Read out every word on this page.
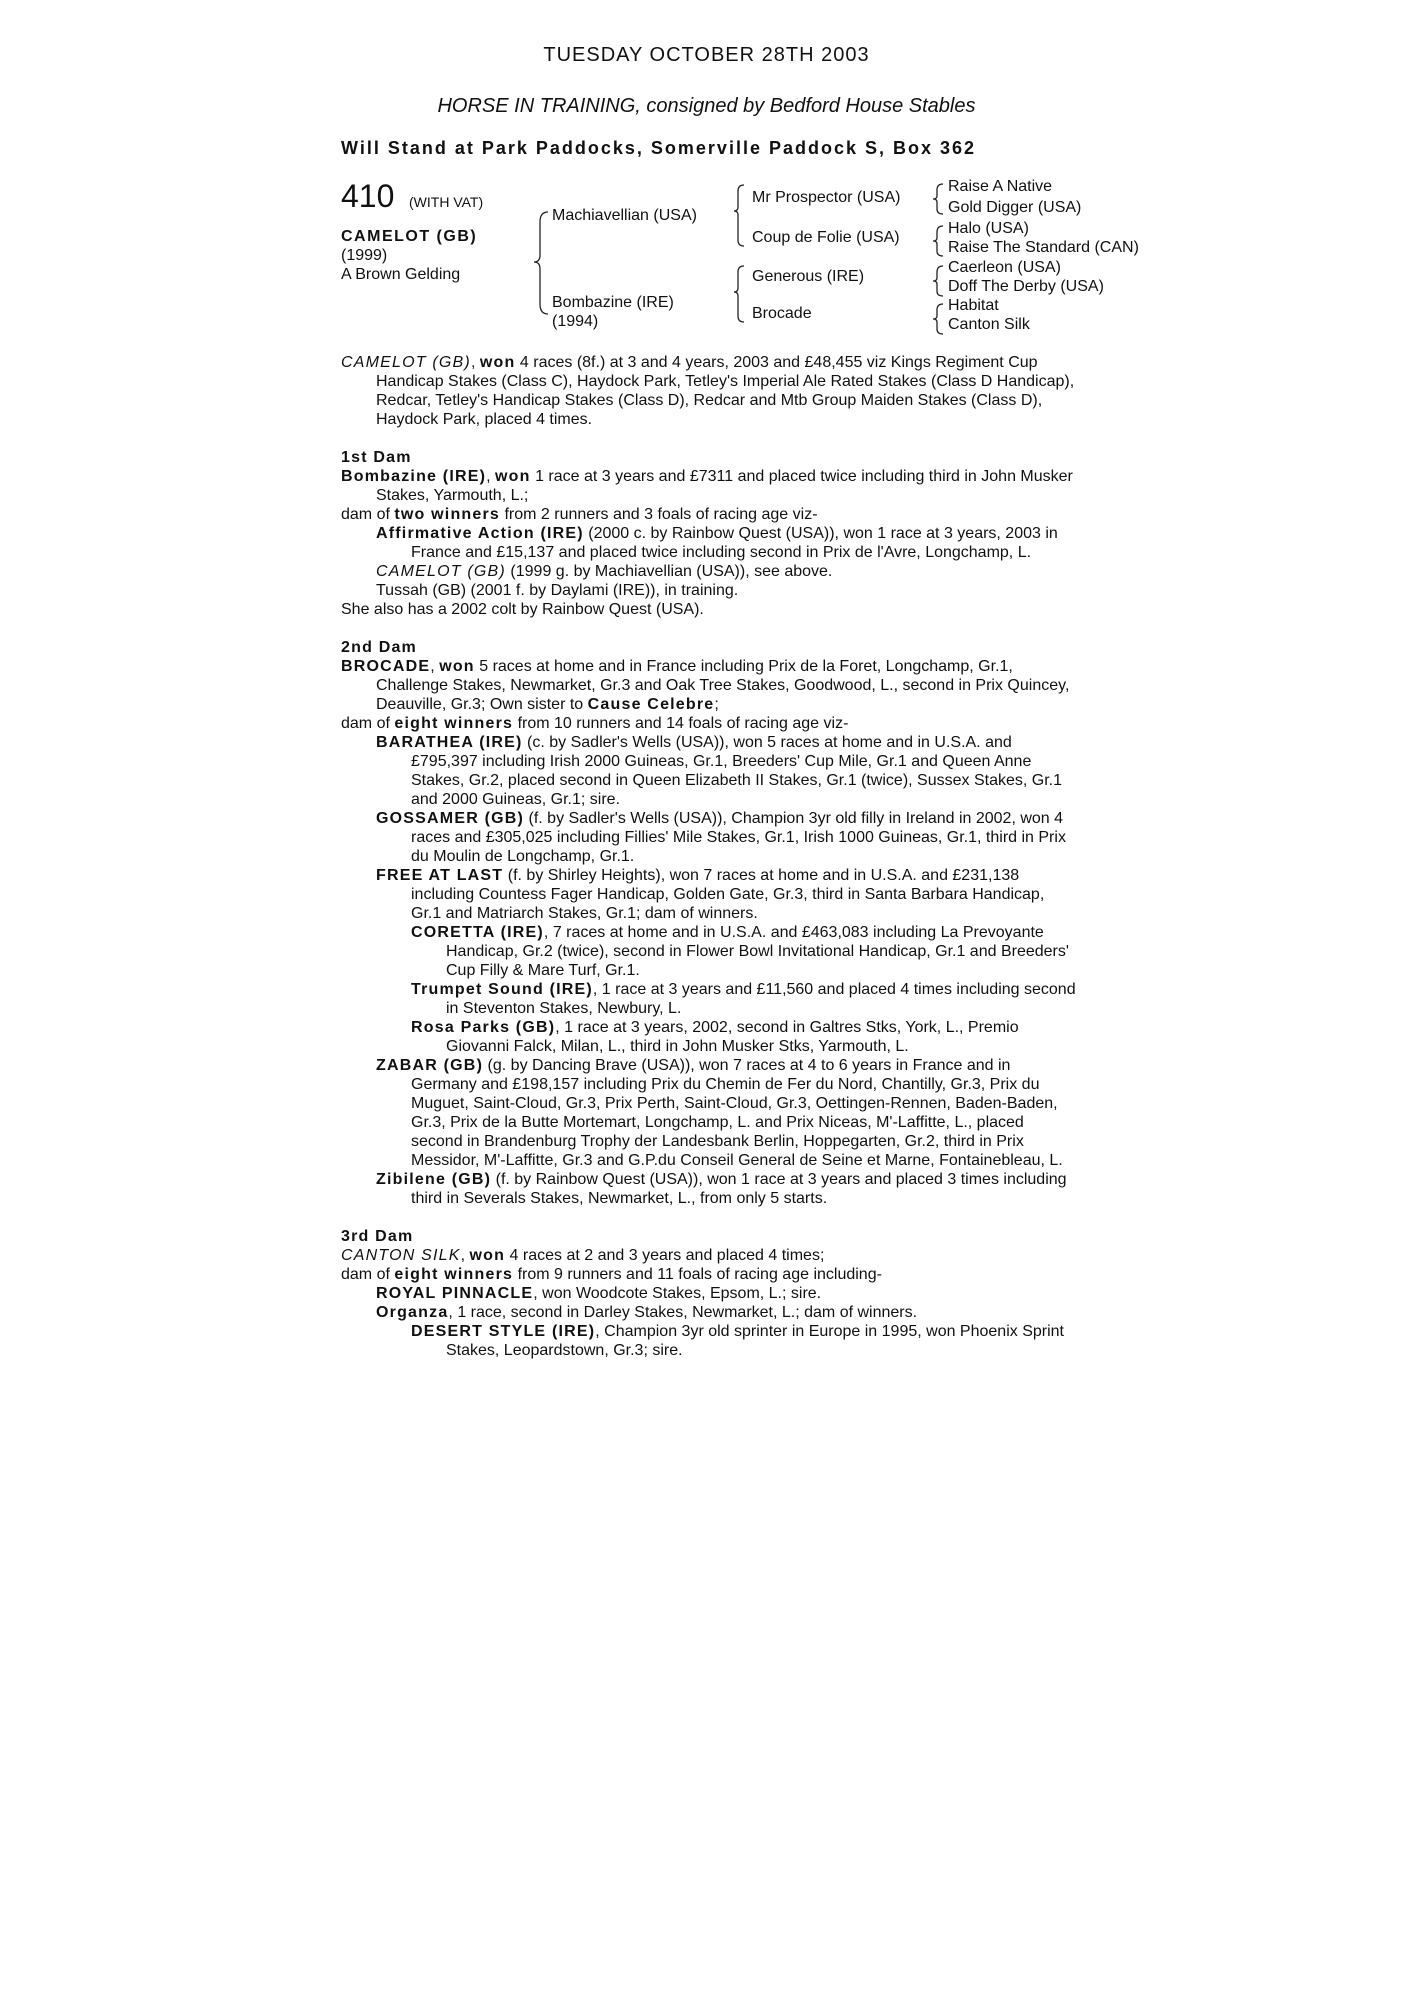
TUESDAY OCTOBER 28TH 2003
HORSE IN TRAINING, consigned by Bedford House Stables
Will Stand at Park Paddocks, Somerville Paddock S, Box 362
410 (WITH VAT)
CAMELOT (GB)
(1999)
A Brown Gelding
Machiavellian (USA)
Bombazine (IRE)
(1994)
Mr Prospector (USA)
Coup de Folie (USA)
Generous (IRE)
Brocade
Raise A Native
Gold Digger (USA)
Halo (USA)
Raise The Standard (CAN)
Caerleon (USA)
Doff The Derby (USA)
Habitat
Canton Silk

CAMELOT (GB), won 4 races (8f.) at 3 and 4 years, 2003 and £48,455 viz Kings Regiment Cup Handicap Stakes (Class C), Haydock Park, Tetley's Imperial Ale Rated Stakes (Class D Handicap), Redcar, Tetley's Handicap Stakes (Class D), Redcar and Mtb Group Maiden Stakes (Class D), Haydock Park, placed 4 times.

1st Dam

Bombazine (IRE), won 1 race at 3 years and £7311 and placed twice including third in John Musker Stakes, Yarmouth, L.;

dam of two winners from 2 runners and 3 foals of racing age viz-

Affirmative Action (IRE) (2000 c. by Rainbow Quest (USA)), won 1 race at 3 years, 2003 in France and £15,137 and placed twice including second in Prix de l'Avre, Longchamp, L.

CAMELOT (GB) (1999 g. by Machiavellian (USA)), see above.

Tussah (GB) (2001 f. by Daylami (IRE)), in training.

She also has a 2002 colt by Rainbow Quest (USA).

2nd Dam

BROCADE, won 5 races at home and in France including Prix de la Foret, Longchamp, Gr.1, Challenge Stakes, Newmarket, Gr.3 and Oak Tree Stakes, Goodwood, L., second in Prix Quincey, Deauville, Gr.3; Own sister to Cause Celebre;

dam of eight winners from 10 runners and 14 foals of racing age viz-

BARATHEA (IRE) (c. by Sadler's Wells (USA)), won 5 races at home and in U.S.A. and £795,397 including Irish 2000 Guineas, Gr.1, Breeders' Cup Mile, Gr.1 and Queen Anne Stakes, Gr.2, placed second in Queen Elizabeth II Stakes, Gr.1 (twice), Sussex Stakes, Gr.1 and 2000 Guineas, Gr.1; sire.

GOSSAMER (GB) (f. by Sadler's Wells (USA)), Champion 3yr old filly in Ireland in 2002, won 4 races and £305,025 including Fillies' Mile Stakes, Gr.1, Irish 1000 Guineas, Gr.1, third in Prix du Moulin de Longchamp, Gr.1.

FREE AT LAST (f. by Shirley Heights), won 7 races at home and in U.S.A. and £231,138 including Countess Fager Handicap, Golden Gate, Gr.3, third in Santa Barbara Handicap, Gr.1 and Matriarch Stakes, Gr.1; dam of winners.

CORETTA (IRE), 7 races at home and in U.S.A. and £463,083 including La Prevoyante Handicap, Gr.2 (twice), second in Flower Bowl Invitational Handicap, Gr.1 and Breeders' Cup Filly & Mare Turf, Gr.1.

Trumpet Sound (IRE), 1 race at 3 years and £11,560 and placed 4 times including second in Steventon Stakes, Newbury, L.

Rosa Parks (GB), 1 race at 3 years, 2002, second in Galtres Stks, York, L., Premio Giovanni Falck, Milan, L., third in John Musker Stks, Yarmouth, L.

ZABAR (GB) (g. by Dancing Brave (USA)), won 7 races at 4 to 6 years in France and in Germany and £198,157 including Prix du Chemin de Fer du Nord, Chantilly, Gr.3, Prix du Muguet, Saint-Cloud, Gr.3, Prix Perth, Saint-Cloud, Gr.3, Oettingen-Rennen, Baden-Baden, Gr.3, Prix de la Butte Mortemart, Longchamp, L. and Prix Niceas, M'-Laffitte, L., placed second in Brandenburg Trophy der Landesbank Berlin, Hoppegarten, Gr.2, third in Prix Messidor, M'-Laffitte, Gr.3 and G.P.du Conseil General de Seine et Marne, Fontainebleau, L.

Zibilene (GB) (f. by Rainbow Quest (USA)), won 1 race at 3 years and placed 3 times including third in Severals Stakes, Newmarket, L., from only 5 starts.

3rd Dam

CANTON SILK, won 4 races at 2 and 3 years and placed 4 times;

dam of eight winners from 9 runners and 11 foals of racing age including-

ROYAL PINNACLE, won Woodcote Stakes, Epsom, L.; sire.

Organza, 1 race, second in Darley Stakes, Newmarket, L.; dam of winners.

DESERT STYLE (IRE), Champion 3yr old sprinter in Europe in 1995, won Phoenix Sprint Stakes, Leopardstown, Gr.3; sire.
